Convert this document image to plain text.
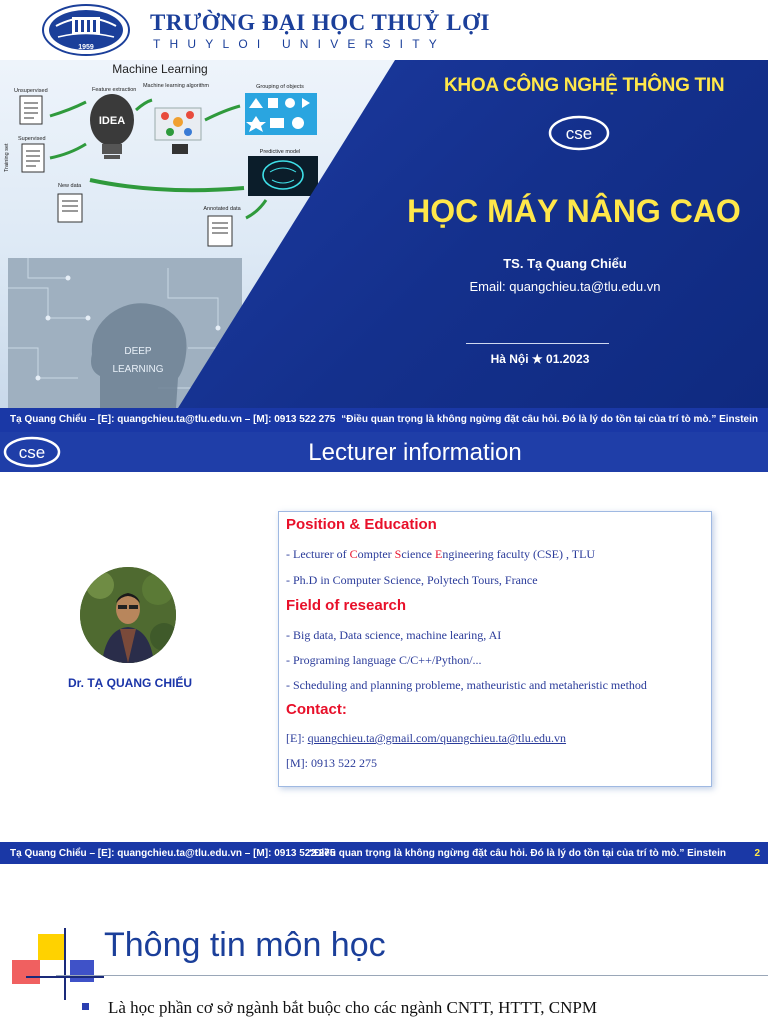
1959
TRƯỜNG ĐẠI HỌC THUỶ LỢI
THUYLOI UNIVERSITY
Machine Learning
Unsupervised
Supervised
Training set
Feature extraction
IDEA
Machine learning algorithm	Grouping of objects
Predictive model
New data
Annotated data
DEEP
LEARNING
KHOA CÔNG NGHỆ THÔNG TIN
cse
HỌC MÁY NÂNG CAO
TS. Tạ Quang Chiểu
Email: quangchieu.ta@tlu.edu.vn
Hà Nội ★ 01.2023
Tạ Quang Chiểu – [E]: quangchieu.ta@tlu.edu.vn – [M]: 0913 522 275 “Điều quan trọng là không ngừng đặt câu hỏi. Đó là lý do tồn tại của trí tò mò.” Einstein
cse	Lecturer information
Dr. TẠ QUANG CHIỂU
Position & Education
- Lecturer of Compter Science Engineering faculty (CSE) , TLU
- Ph.D in Computer Science, Polytech Tours, France
Field of research
- Big data, Data science, machine learing, AI
- Programing language C/C++/Python/...
- Scheduling and planning probleme, matheuristic and metaheristic method
Contact:
[E]: quangchieu.ta@gmail.com/quangchieu.ta@tlu.edu.vn
[M]: 0913 522 275
Tạ Quang Chiểu – [E]: quangchieu.ta@tlu.edu.vn – [M]: 0913 522 275
“Điều quan trọng là không ngừng đặt câu hỏi. Đó là lý do tồn tại của trí tò mò.” Einstein	2
Thông tin môn học
Là học phần cơ sở ngành bắt buộc cho các ngành CNTT, HTTT, CNPM
